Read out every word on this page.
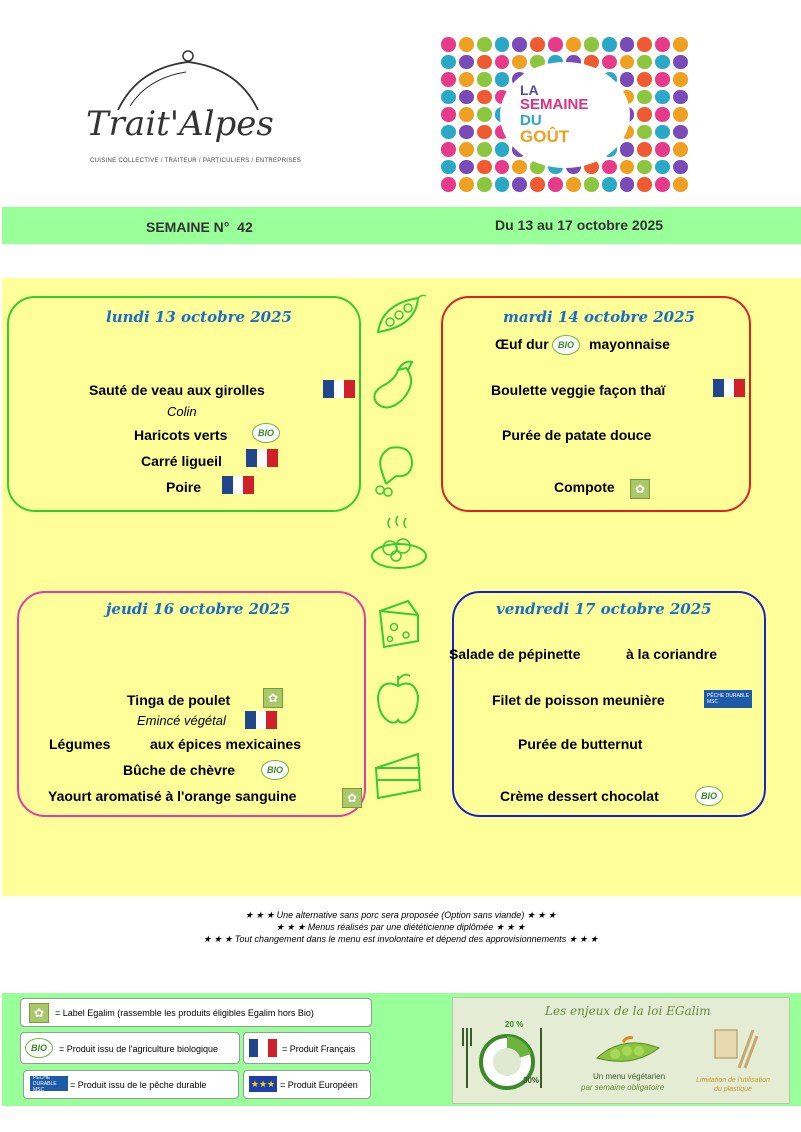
Trait'Alpes
CUISINE COLLECTIVE / TRAITEUR / PARTICULIERS / ENTREPRISES
LA
SEMAINE
DU
GOÛT
SEMAINE N°  42	Du 13 au 17 octobre 2025
lundi 13 octobre 2025
Sauté de veau aux girolles
Colin
Haricots verts	BIO
Carré ligueil
Poire
mardi 14 octobre 2025
Œuf dur	BIO	mayonnaise
Boulette veggie façon thaï
Purée de patate douce
Compote	✿
jeudi 16 octobre 2025
Tinga de poulet	✿
Emincé végétal
Légumes	aux épices mexicaines
Bûche de chèvre	BIO
Yaourt aromatisé à l'orange sanguine	✿
vendredi 17 octobre 2025
Salade de pépinette	à la coriandre
Filet de poisson meunière	PÊCHE DURABLE MSC
Purée de butternut
Crème dessert chocolat	BIO
★ ★ ★ Une alternative sans porc sera proposée (Option sans viande) ★ ★ ★
★ ★ ★ Menus réalisés par une diététicienne diplômée ★ ★ ★
★ ★ ★ Tout changement dans le menu est involontaire et dépend des approvisionnements ★ ★ ★
✿	= Label Egalim (rassemble les produits éligibles Egalim hors Bio)
BIO	= Produit issu de l'agriculture biologique	= Produit Français
PÊCHE DURABLE MSC	= Produit issu de le pêche durable	★★★ = Produit Européen
Les enjeux de la loi EGalim
20 %
30%	Un menu végétarien
par semaine obligatoire
Limitation de l'utilisation du plastique
